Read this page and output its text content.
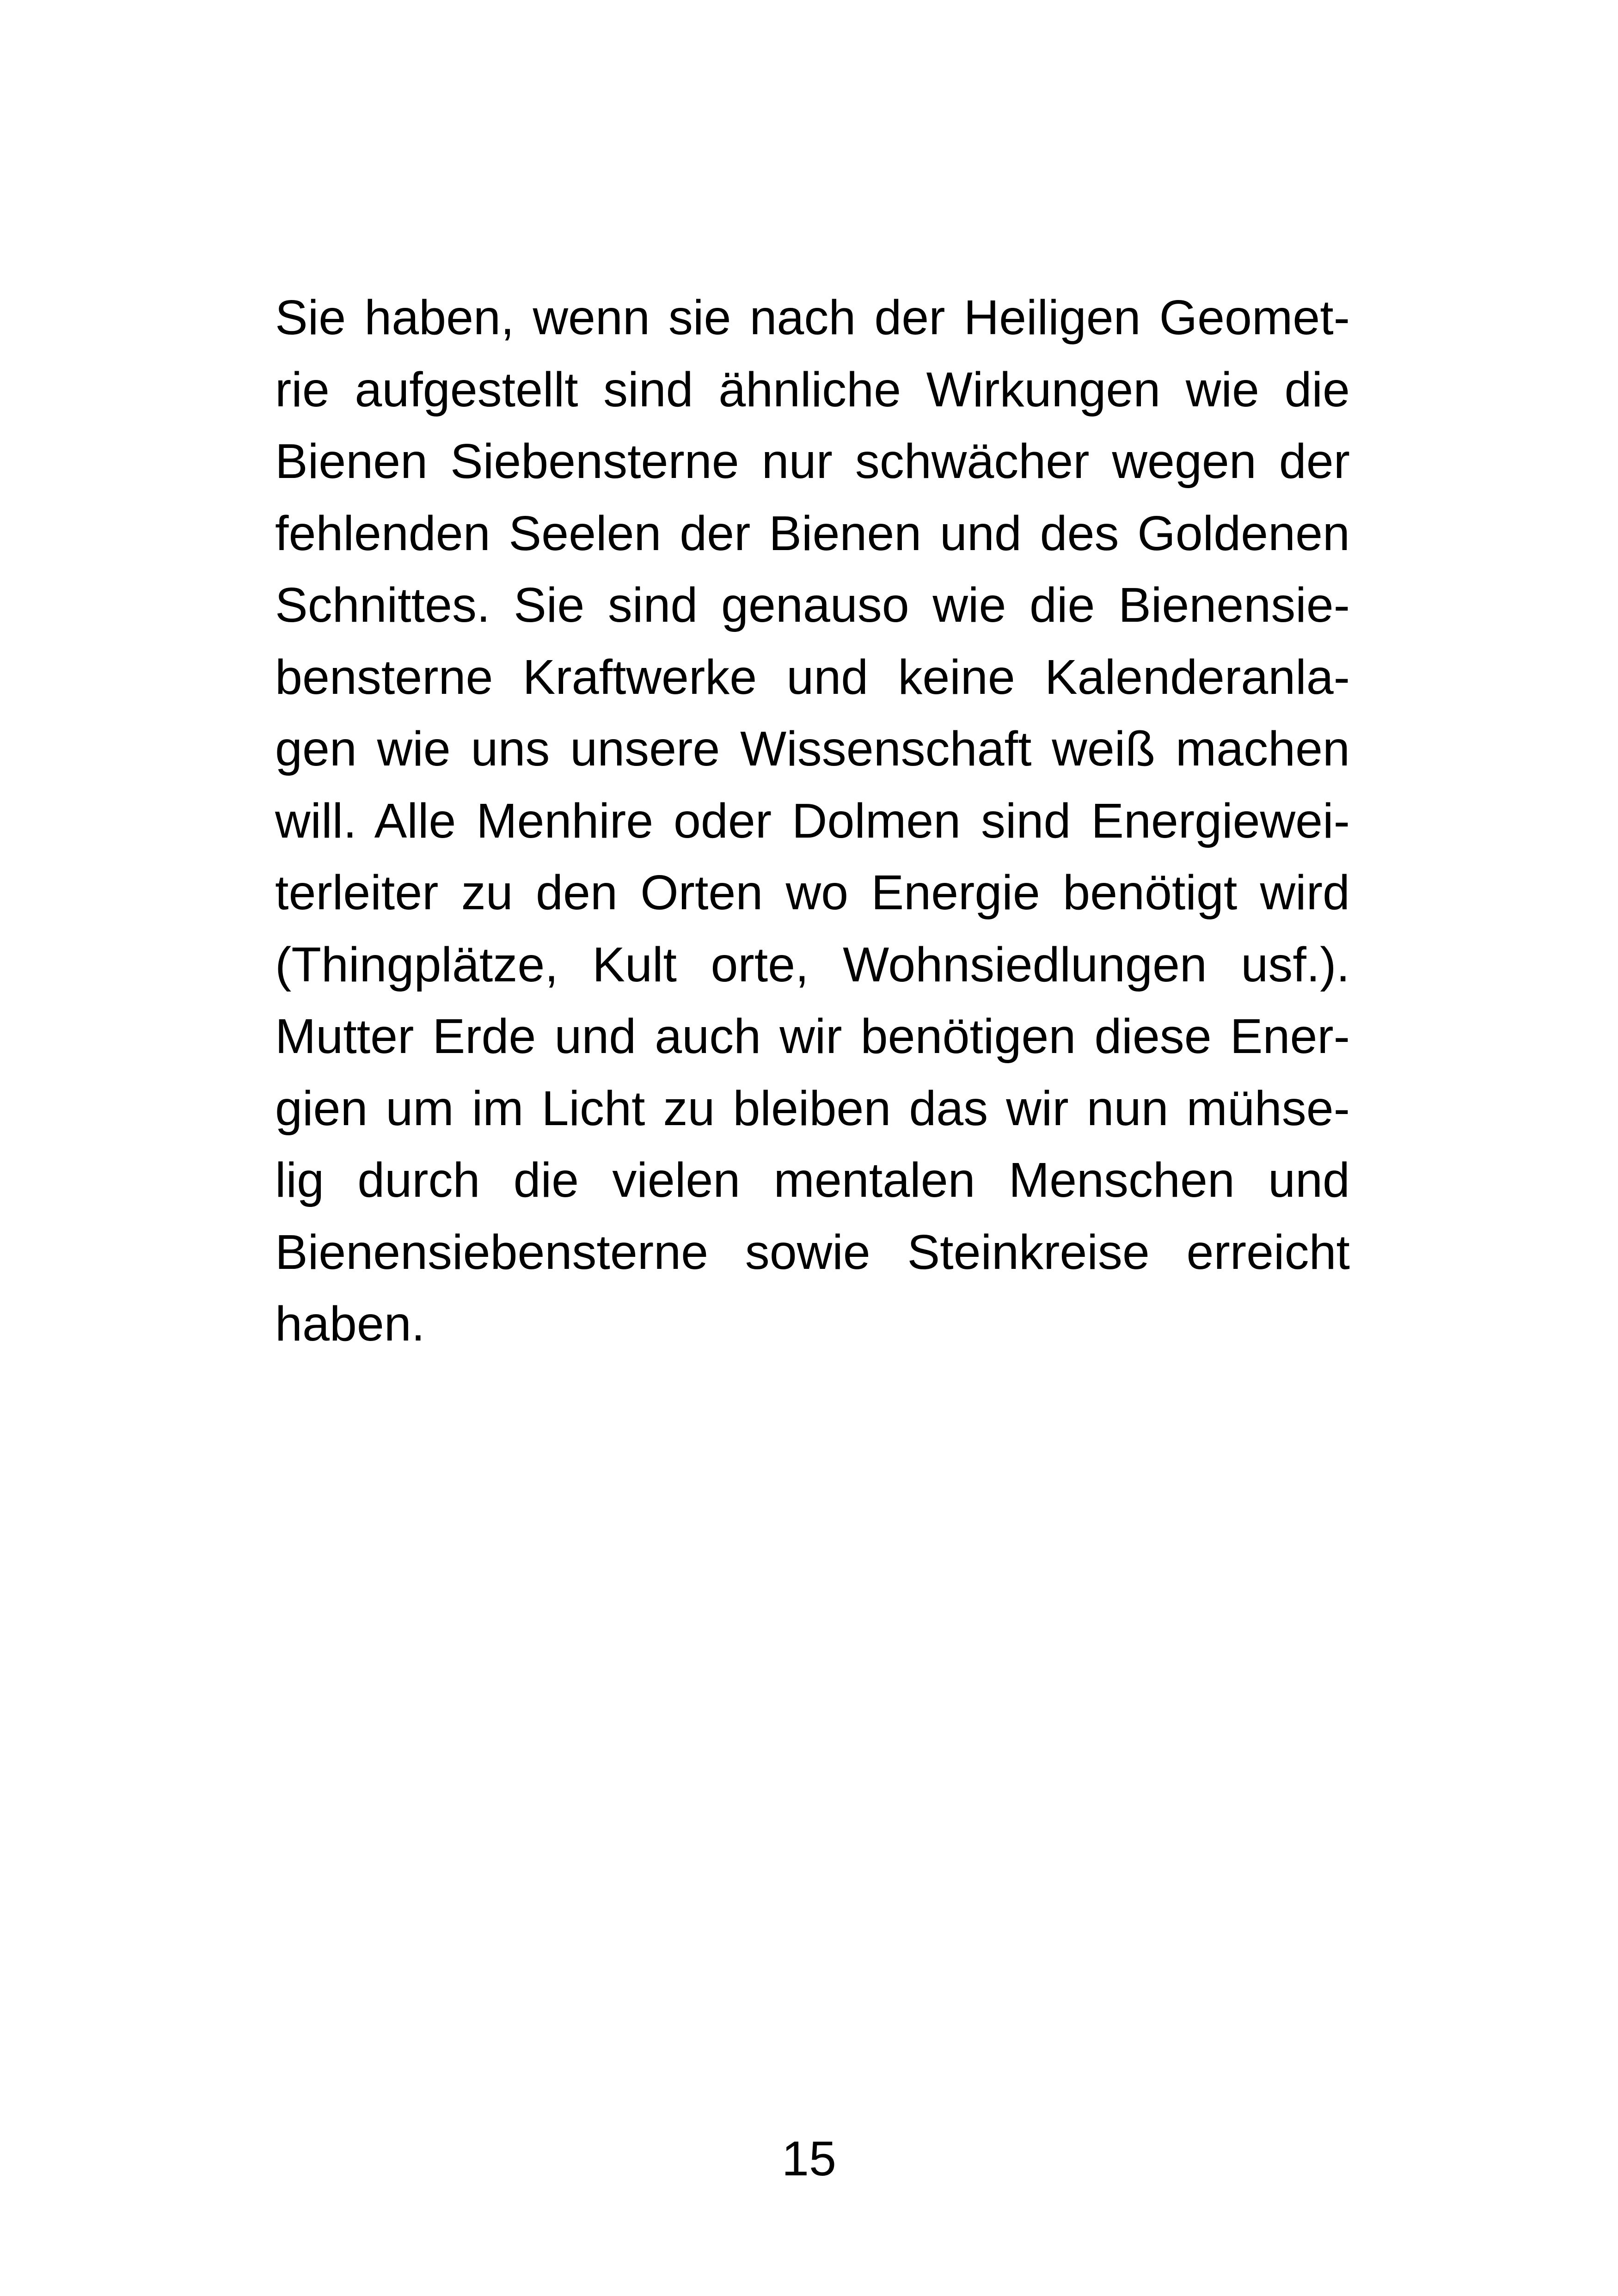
Sie haben, wenn sie nach der Heiligen Geomet-
rie aufgestellt sind ähnliche Wirkungen wie die
Bienen Siebensterne nur schwächer wegen der
fehlenden Seelen der Bienen und des Goldenen
Schnittes. Sie sind genauso wie die Bienensie-
bensterne Kraftwerke und keine Kalenderanla-
gen wie uns unsere Wissenschaft weiß machen
will. Alle Menhire oder Dolmen sind Energiewei-
terleiter zu den Orten wo Energie benötigt wird
(Thingplätze, Kult orte, Wohnsiedlungen usf.).
Mutter Erde und auch wir benötigen diese Ener-
gien um im Licht zu bleiben das wir nun mühse-
lig durch die vielen mentalen Menschen und
Bienensiebensterne sowie Steinkreise erreicht
haben.
15
